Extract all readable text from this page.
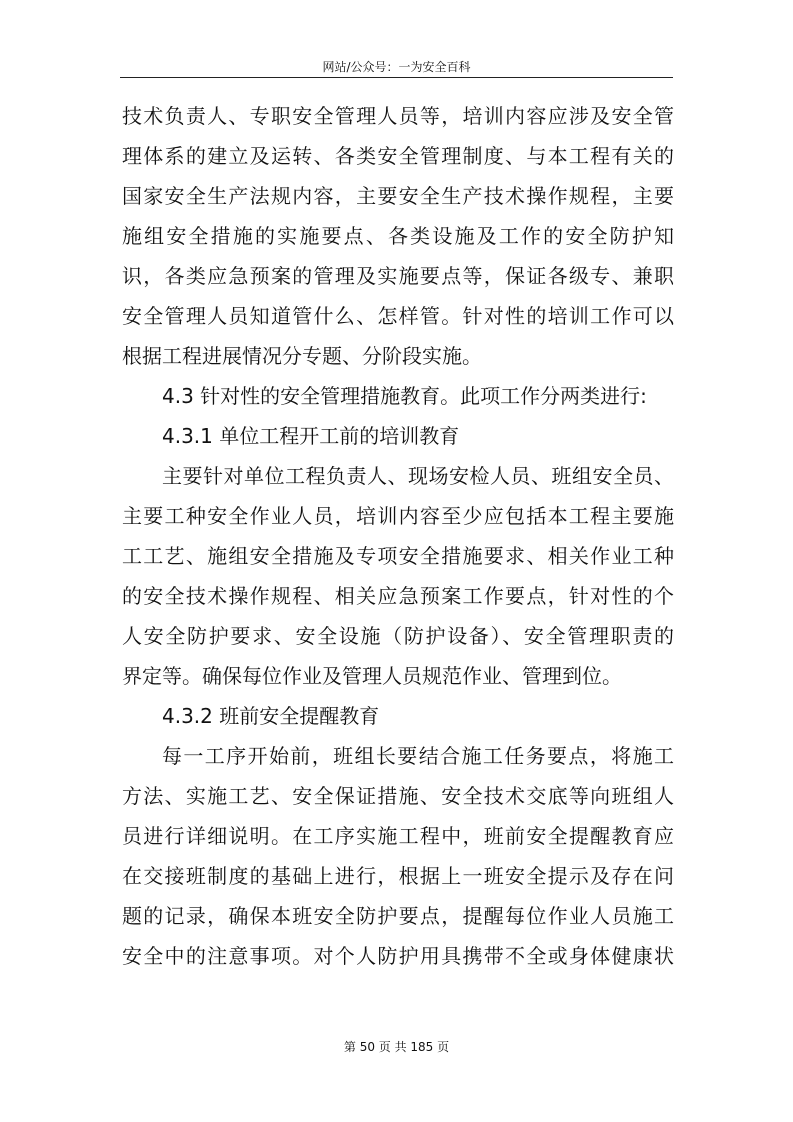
网站/公众号：一为安全百科
技术负责人、专职安全管理人员等，培训内容应涉及安全管
理体系的建立及运转、各类安全管理制度、与本工程有关的
国家安全生产法规内容，主要安全生产技术操作规程，主要
施组安全措施的实施要点、各类设施及工作的安全防护知
识，各类应急预案的管理及实施要点等，保证各级专、兼职
安全管理人员知道管什么、怎样管。针对性的培训工作可以
根据工程进展情况分专题、分阶段实施。
4.3 针对性的安全管理措施教育。此项工作分两类进行:
4.3.1 单位工程开工前的培训教育
主要针对单位工程负责人、现场安检人员、班组安全员、
主要工种安全作业人员，培训内容至少应包括本工程主要施
工工艺、施组安全措施及专项安全措施要求、相关作业工种
的安全技术操作规程、相关应急预案工作要点，针对性的个
人安全防护要求、安全设施（防护设备）、安全管理职责的
界定等。确保每位作业及管理人员规范作业、管理到位。
4.3.2 班前安全提醒教育
每一工序开始前，班组长要结合施工任务要点，将施工
方法、实施工艺、安全保证措施、安全技术交底等向班组人
员进行详细说明。在工序实施工程中，班前安全提醒教育应
在交接班制度的基础上进行，根据上一班安全提示及存在问
题的记录，确保本班安全防护要点，提醒每位作业人员施工
安全中的注意事项。对个人防护用具携带不全或身体健康状
第 50 页 共 185 页
